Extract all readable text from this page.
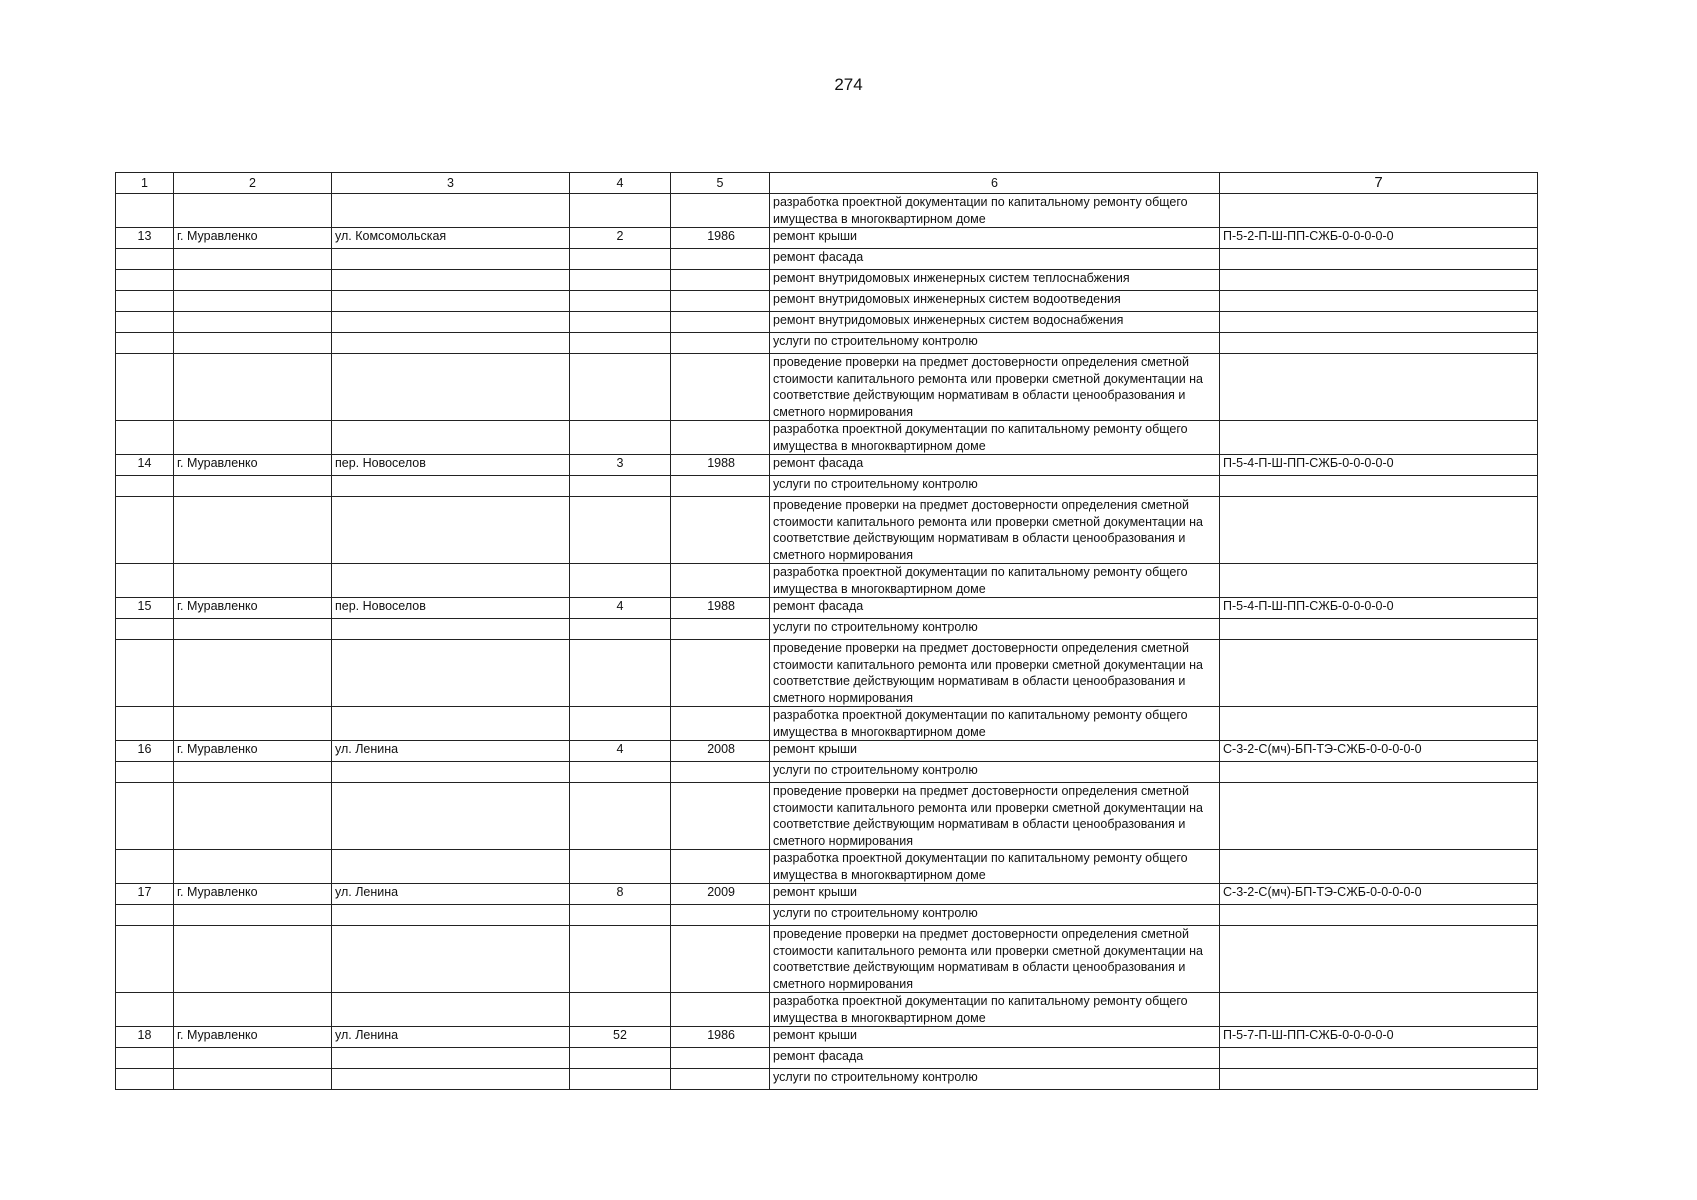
274
1	2	3	4	5	6	7
					разработка проектной документации по капитальному ремонту общего имущества в многоквартирном доме	
13	г. Муравленко	ул. Комсомольская	2	1986	ремонт крыши	П-5-2-П-Ш-ПП-СЖБ-0-0-0-0-0
					ремонт фасада	
					ремонт внутридомовых инженерных систем теплоснабжения	
					ремонт внутридомовых инженерных систем водоотведения	
					ремонт внутридомовых инженерных систем водоснабжения	
					услуги по строительному контролю	
					проведение проверки на предмет достоверности определения сметной стоимости капитального ремонта или проверки сметной документации на соответствие действующим нормативам в области ценообразования и сметного нормирования	
					разработка проектной документации по капитальному ремонту общего имущества в многоквартирном доме	
14	г. Муравленко	пер. Новоселов	3	1988	ремонт фасада	П-5-4-П-Ш-ПП-СЖБ-0-0-0-0-0
					услуги по строительному контролю	
					проведение проверки на предмет достоверности определения сметной стоимости капитального ремонта или проверки сметной документации на соответствие действующим нормативам в области ценообразования и сметного нормирования	
					разработка проектной документации по капитальному ремонту общего имущества в многоквартирном доме	
15	г. Муравленко	пер. Новоселов	4	1988	ремонт фасада	П-5-4-П-Ш-ПП-СЖБ-0-0-0-0-0
					услуги по строительному контролю	
					проведение проверки на предмет достоверности определения сметной стоимости капитального ремонта или проверки сметной документации на соответствие действующим нормативам в области ценообразования и сметного нормирования	
					разработка проектной документации по капитальному ремонту общего имущества в многоквартирном доме	
16	г. Муравленко	ул. Ленина	4	2008	ремонт крыши	С-3-2-С(мч)-БП-ТЭ-СЖБ-0-0-0-0-0
					услуги по строительному контролю	
					проведение проверки на предмет достоверности определения сметной стоимости капитального ремонта или проверки сметной документации на соответствие действующим нормативам в области ценообразования и сметного нормирования	
					разработка проектной документации по капитальному ремонту общего имущества в многоквартирном доме	
17	г. Муравленко	ул. Ленина	8	2009	ремонт крыши	С-3-2-С(мч)-БП-ТЭ-СЖБ-0-0-0-0-0
					услуги по строительному контролю	
					проведение проверки на предмет достоверности определения сметной стоимости капитального ремонта или проверки сметной документации на соответствие действующим нормативам в области ценообразования и сметного нормирования	
					разработка проектной документации по капитальному ремонту общего имущества в многоквартирном доме	
18	г. Муравленко	ул. Ленина	52	1986	ремонт крыши	П-5-7-П-Ш-ПП-СЖБ-0-0-0-0-0
					ремонт фасада	
					услуги по строительному контролю	
